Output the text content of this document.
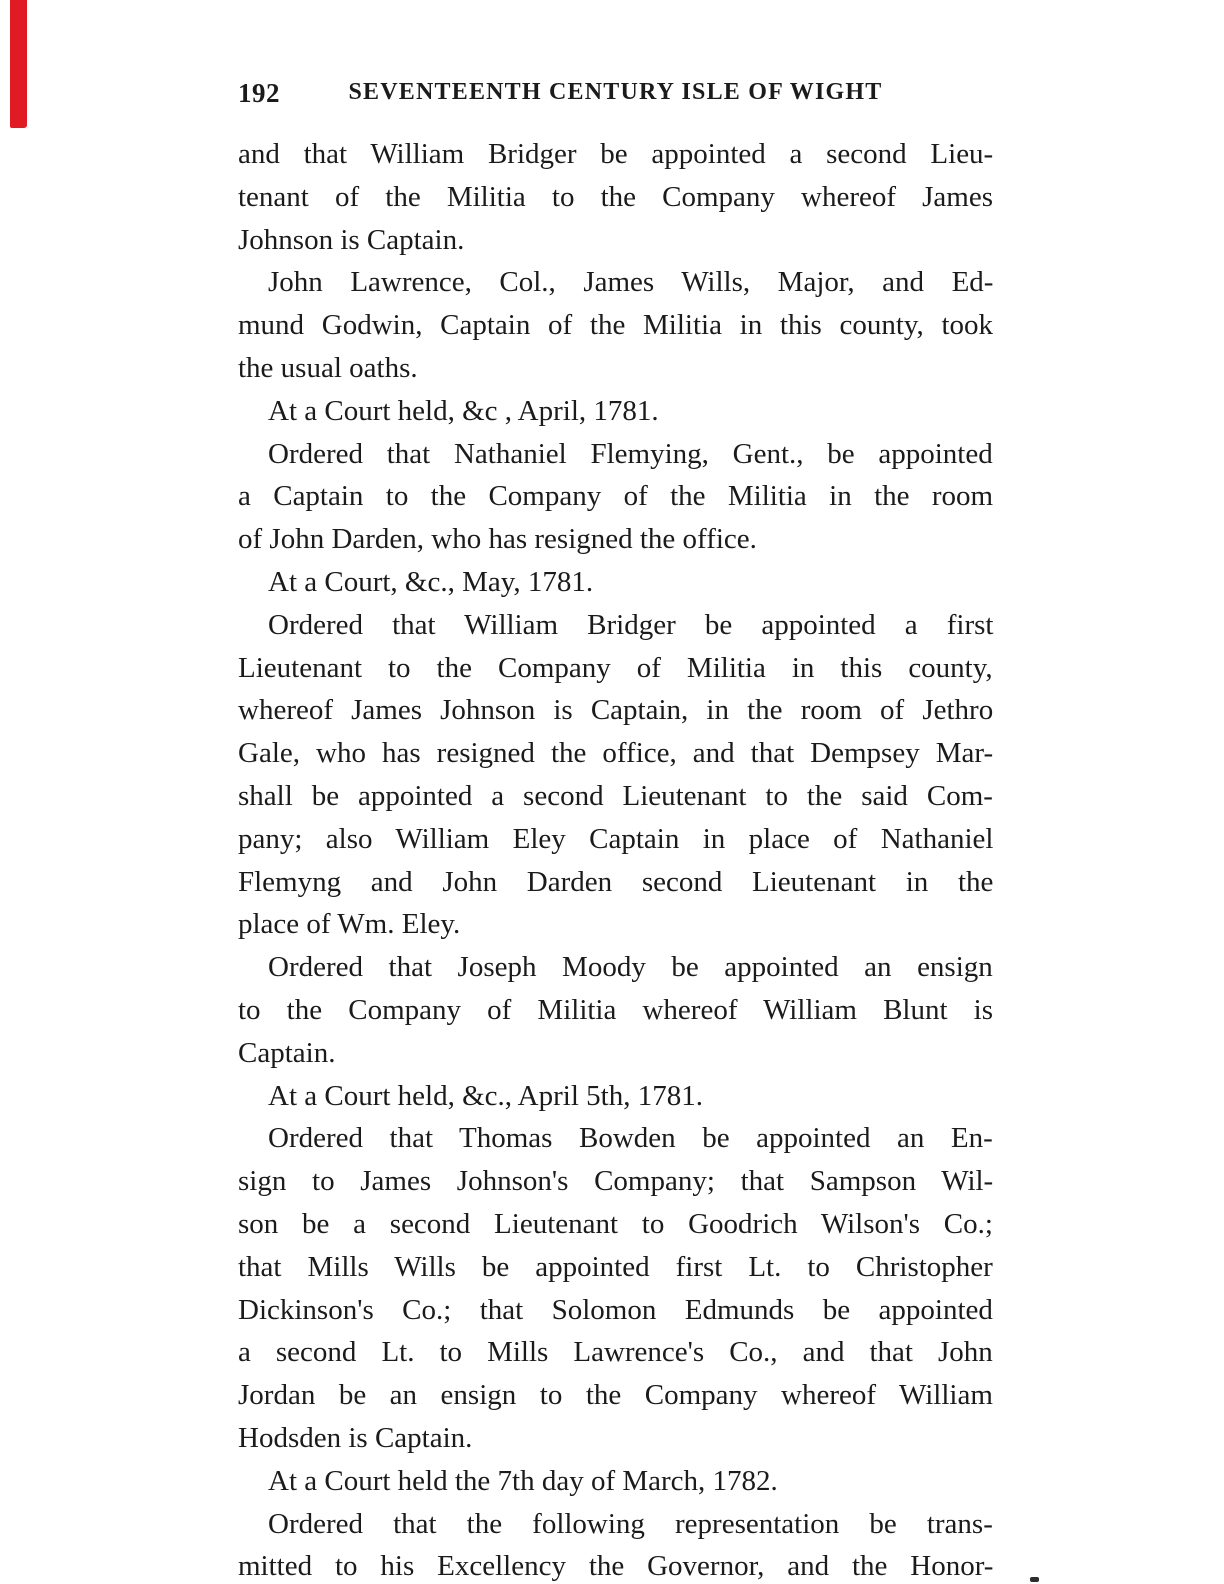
192	SEVENTEENTH CENTURY ISLE OF WIGHT
and that William Bridger be appointed a second Lieu-
tenant of the Militia to the Company whereof James
Johnson is Captain.
John Lawrence, Col., James Wills, Major, and Ed-
mund Godwin, Captain of the Militia in this county, took
the usual oaths.
At a Court held, &c , April, 1781.
Ordered that Nathaniel Flemying, Gent., be appointed
a Captain to the Company of the Militia in the room
of John Darden, who has resigned the office.
At a Court, &c., May, 1781.
Ordered that William Bridger be appointed a first
Lieutenant to the Company of Militia in this county,
whereof James Johnson is Captain, in the room of Jethro
Gale, who has resigned the office, and that Dempsey Mar-
shall be appointed a second Lieutenant to the said Com-
pany; also William Eley Captain in place of Nathaniel
Flemyng and John Darden second Lieutenant in the
place of Wm. Eley.
Ordered that Joseph Moody be appointed an ensign
to the Company of Militia whereof William Blunt is
Captain.
At a Court held, &c., April 5th, 1781.
Ordered that Thomas Bowden be appointed an En-
sign to James Johnson's Company; that Sampson Wil-
son be a second Lieutenant to Goodrich Wilson's Co.;
that Mills Wills be appointed first Lt. to Christopher
Dickinson's Co.; that Solomon Edmunds be appointed
a second Lt. to Mills Lawrence's Co., and that John
Jordan be an ensign to the Company whereof William
Hodsden is Captain.
At a Court held the 7th day of March, 1782.
Ordered that the following representation be trans-
mitted to his Excellency the Governor, and the Honor-
